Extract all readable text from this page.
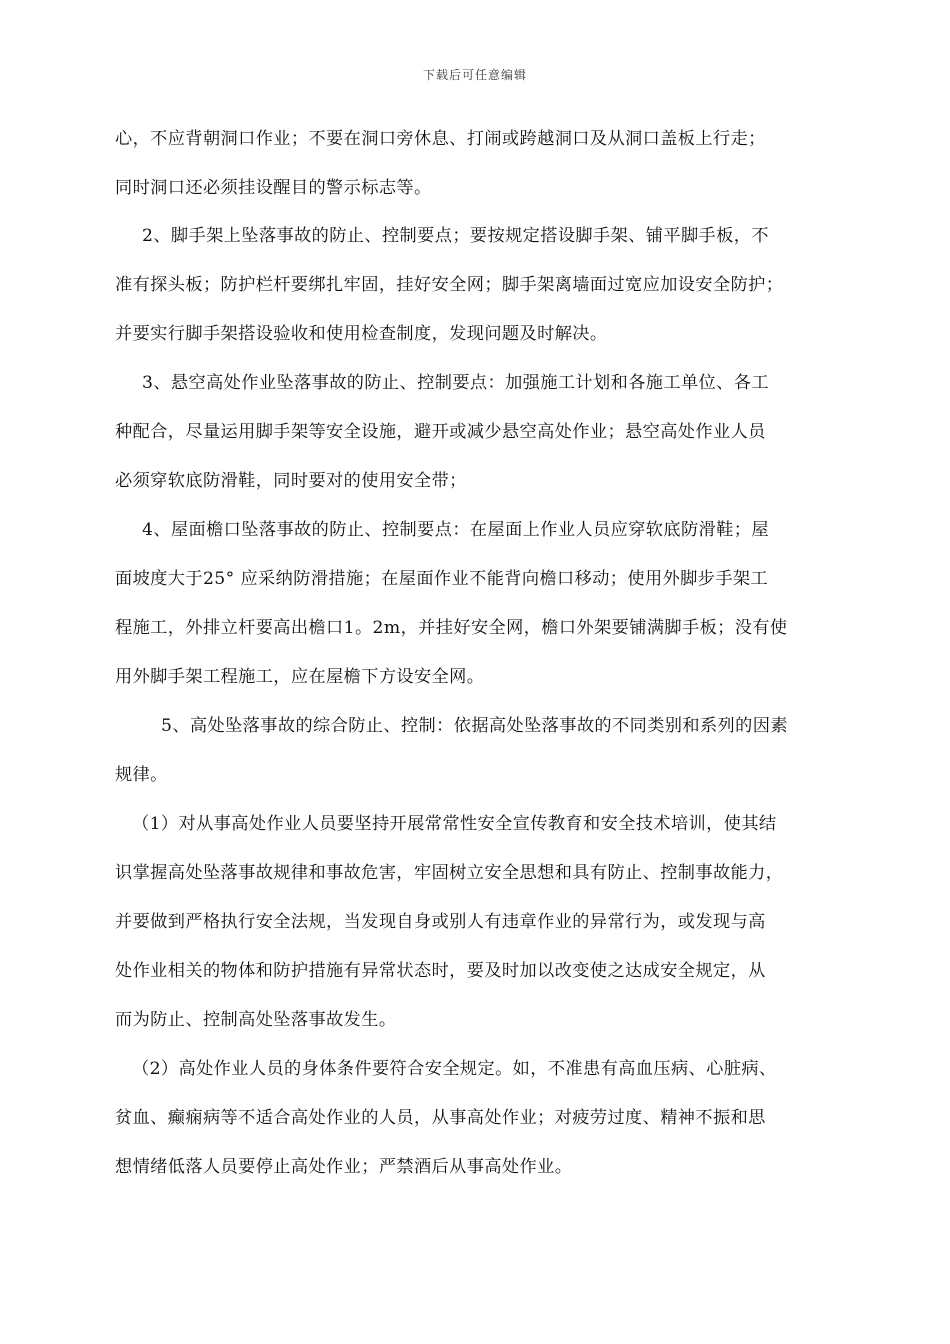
下载后可任意编辑
心，不应背朝洞口作业；不要在洞口旁休息、打闹或跨越洞口及从洞口盖板上行走；
同时洞口还必须挂设醒目的警示标志等。
2、脚手架上坠落事故的防止、控制要点；要按规定搭设脚手架、铺平脚手板，不
准有探头板；防护栏杆要绑扎牢固，挂好安全网；脚手架离墙面过宽应加设安全防护；
并要实行脚手架搭设验收和使用检查制度，发现问题及时解决。
3、悬空高处作业坠落事故的防止、控制要点：加强施工计划和各施工单位、各工
种配合，尽量运用脚手架等安全设施，避开或减少悬空高处作业；悬空高处作业人员
必须穿软底防滑鞋，同时要对的使用安全带；
4、屋面檐口坠落事故的防止、控制要点：在屋面上作业人员应穿软底防滑鞋；屋
面坡度大于25° 应采纳防滑措施；在屋面作业不能背向檐口移动；使用外脚步手架工
程施工，外排立杆要高出檐口1。2m，并挂好安全网，檐口外架要铺满脚手板；没有使
用外脚手架工程施工，应在屋檐下方设安全网。
5、高处坠落事故的综合防止、控制：依据高处坠落事故的不同类别和系列的因素
规律。
（1）对从事高处作业人员要坚持开展常常性安全宣传教育和安全技术培训，使其结
识掌握高处坠落事故规律和事故危害，牢固树立安全思想和具有防止、控制事故能力，
并要做到严格执行安全法规，当发现自身或别人有违章作业的异常行为，或发现与高
处作业相关的物体和防护措施有异常状态时，要及时加以改变使之达成安全规定，从
而为防止、控制高处坠落事故发生。
（2）高处作业人员的身体条件要符合安全规定。如，不准患有高血压病、心脏病、
贫血、癫痫病等不适合高处作业的人员，从事高处作业；对疲劳过度、精神不振和思
想情绪低落人员要停止高处作业；严禁酒后从事高处作业。
